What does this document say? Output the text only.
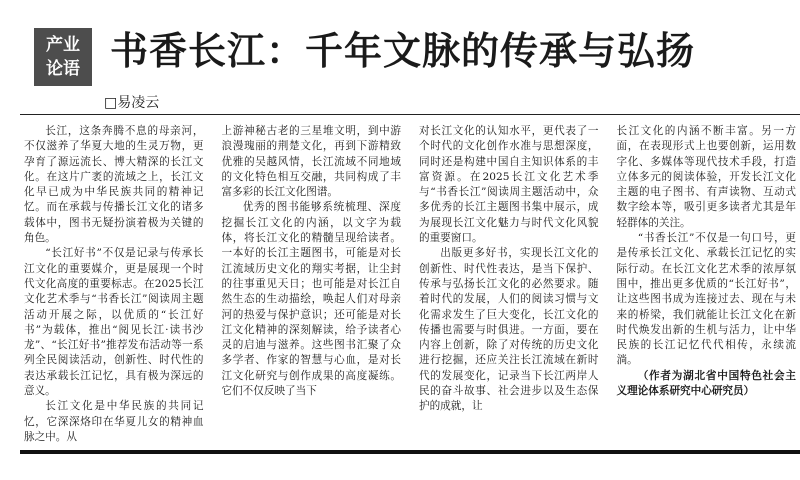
产业
论语 书香长江：千年文脉的传承与弘扬
□易凌云

长江，这条奔腾不息的母亲河，不仅滋养了华夏大地的生灵万物，更孕育了源远流长、博大精深的长江文化。在这片广袤的流域之上，长江文化早已成为中华民族共同的精神记忆。而在承载与传播长江文化的诸多载体中，图书无疑扮演着极为关键的角色。

“长江好书”不仅是记录与传承长江文化的重要媒介，更是展现一个时代文化高度的重要标志。在2025长江文化艺术季与“书香长江”阅读周主题活动开展之际，以优质的“长江好书”为载体，推出“阅见长江·读书沙龙”、“长江好书”推荐发布活动等一系列全民阅读活动，创新性、时代性的表达承载长江记忆，具有极为深远的意义。

长江文化是中华民族的共同记忆，它深深烙印在华夏儿女的精神血脉之中。从

上游神秘古老的三星堆文明，到中游浪漫瑰丽的荆楚文化，再到下游精致优雅的吴越风情，长江流域不同地域的文化特色相互交融，共同构成了丰富多彩的长江文化图谱。

优秀的图书能够系统梳理、深度挖掘长江文化的内涵，以文字为载体，将长江文化的精髓呈现给读者。一本好的长江主题图书，可能是对长江流域历史文化的翔实考据，让尘封的往事重见天日；也可能是对长江自然生态的生动描绘，唤起人们对母亲河的热爱与保护意识；还可能是对长江文化精神的深刻解读，给予读者心灵的启迪与滋养。这些图书汇聚了众多学者、作家的智慧与心血，是对长江文化研究与创作成果的高度凝练。它们不仅反映了当下

对长江文化的认知水平，更代表了一个时代的文化创作水准与思想深度，同时还是构建中国自主知识体系的丰富资源。在2025长江文化艺术季与“书香长江”阅读周主题活动中，众多优秀的长江主题图书集中展示，成为展现长江文化魅力与时代文化风貌的重要窗口。

出版更多好书，实现长江文化的创新性、时代性表达，是当下保护、传承与弘扬长江文化的必然要求。随着时代的发展，人们的阅读习惯与文化需求发生了巨大变化，长江文化的传播也需要与时俱进。一方面，要在内容上创新，除了对传统的历史文化进行挖掘，还应关注长江流域在新时代的发展变化，记录当下长江两岸人民的奋斗故事、社会进步以及生态保护的成就，让

长江文化的内涵不断丰富。另一方面，在表现形式上也要创新，运用数字化、多媒体等现代技术手段，打造立体多元的阅读体验，开发长江文化主题的电子图书、有声读物、互动式数字绘本等，吸引更多读者尤其是年轻群体的关注。

“书香长江”不仅是一句口号，更是传承长江文化、承载长江记忆的实际行动。在长江文化艺术季的浓厚氛围中，推出更多优质的“长江好书”，让这些图书成为连接过去、现在与未来的桥梁，我们就能让长江文化在新时代焕发出新的生机与活力，让中华民族的长江记忆代代相传，永续流淌。

（作者为湖北省中国特色社会主义理论体系研究中心研究员）
